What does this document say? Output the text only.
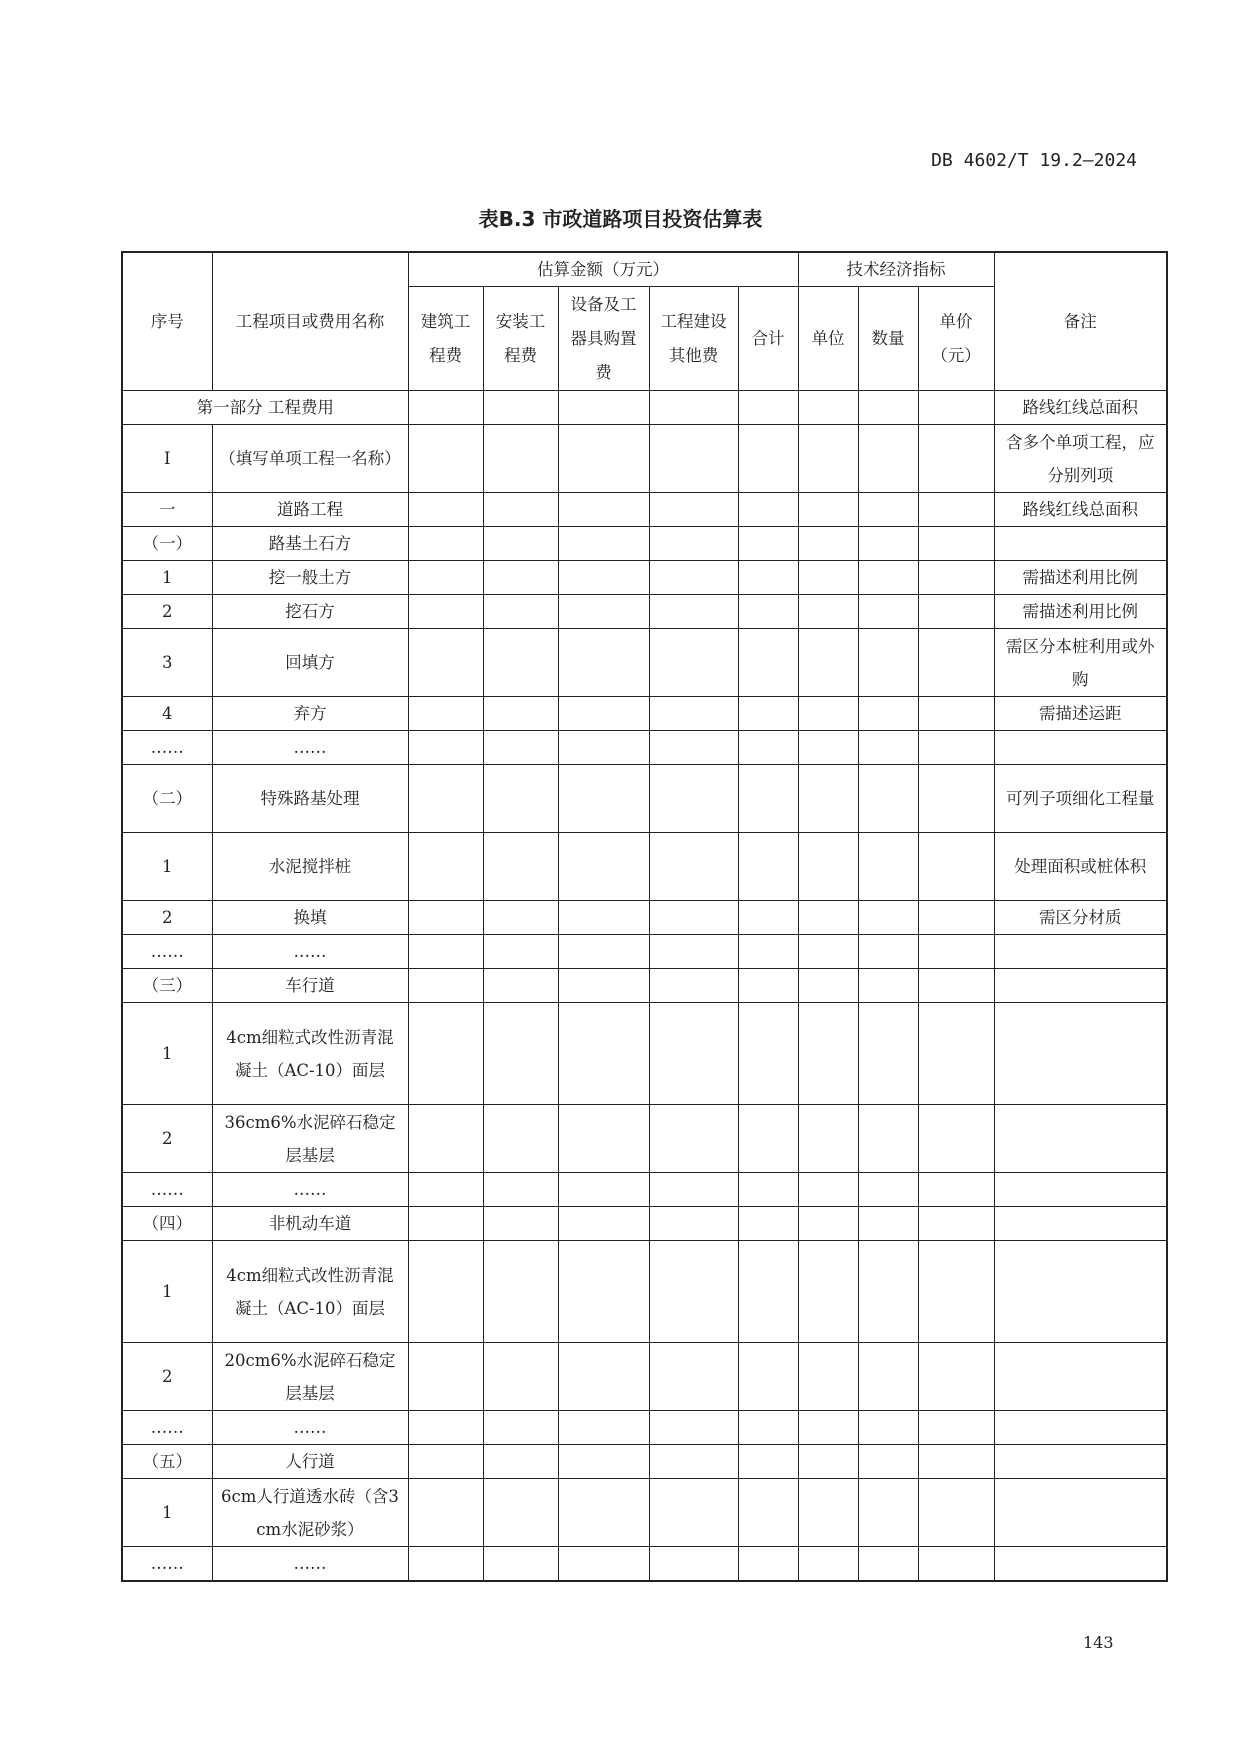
DB 4602/T 19.2—2024
表B.3 市政道路项目投资估算表
序号	工程项目或费用名称	估算金额（万元）					技术经济指标			备注
		建筑工程费	安装工程费	设备及工器具购置费	工程建设其他费	合计	单位	数量	单价（元）	
第一部分 工程费用										路线红线总面积
I	（填写单项工程一名称）									含多个单项工程，应分别列项
一	道路工程									路线红线总面积
（一）	路基土石方									
1	挖一般土方									需描述利用比例
2	挖石方									需描述利用比例
3	回填方									需区分本桩利用或外购
4	弃方									需描述运距
……	……									
（二）	特殊路基处理									可列子项细化工程量
1	水泥搅拌桩									处理面积或桩体积
2	换填									需区分材质
……	……									
（三）	车行道									
1	4cm细粒式改性沥青混凝土（AC-10）面层									
2	36cm6%水泥碎石稳定层基层									
……	……									
（四）	非机动车道									
1	4cm细粒式改性沥青混凝土（AC-10）面层									
2	20cm6%水泥碎石稳定层基层									
……	……									
（五）	人行道									
1	6cm人行道透水砖（含3cm水泥砂浆）									
……	……									
143
